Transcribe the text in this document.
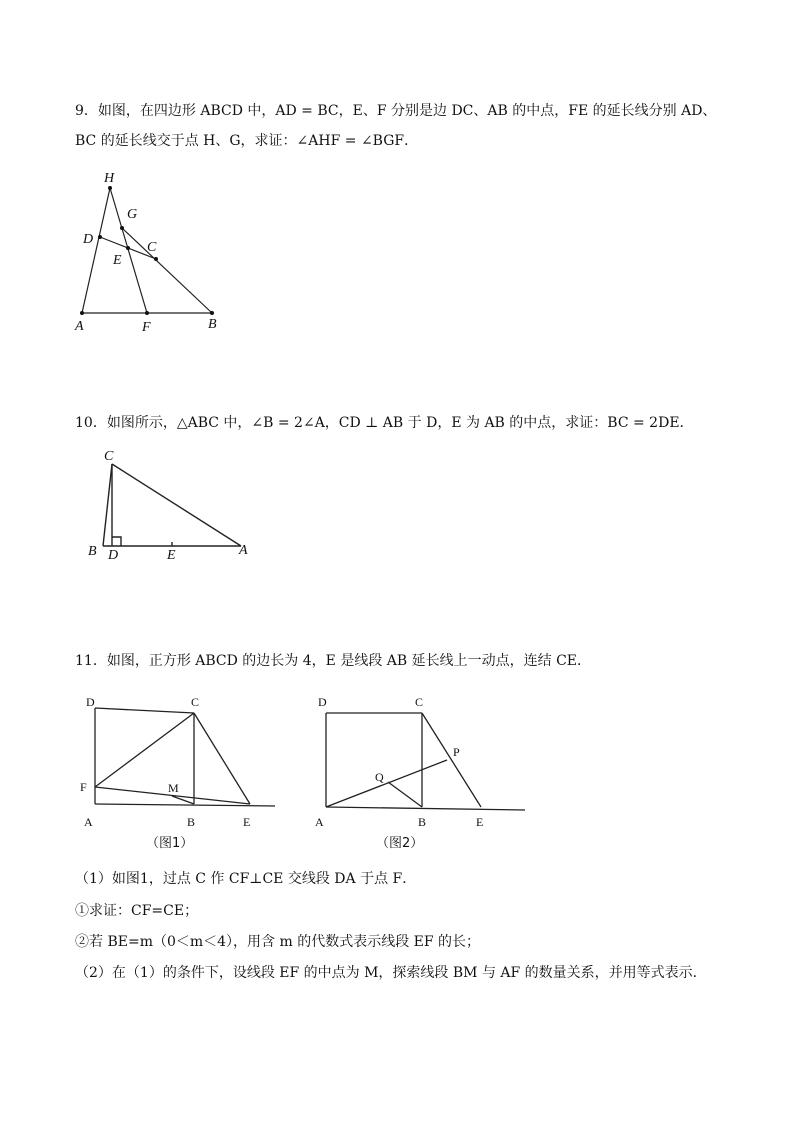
9．如图，在四边形 ABCD 中，AD = BC，E、F 分别是边 DC、AB 的中点，FE 的延长线分别 AD、
BC 的延长线交于点 H、G，求证：∠AHF = ∠BGF．
H
G
D
C
E
A	F	B
10．如图所示，△ABC 中，∠B = 2∠A，CD ⊥ AB 于 D，E 为 AB 的中点，求证：BC = 2DE．
C
B D	E	A
11．如图，正方形 ABCD 的边长为 4，E 是线段 AB 延长线上一动点，连结 CE．
D	C
F	M
A	B	E
（图1）
D	C
P
Q
A	B	E
（图2）
（1）如图1，过点 C 作 CF⊥CE 交线段 DA 于点 F．
①求证：CF=CE；
②若 BE=m（0＜m＜4），用含 m 的代数式表示线段 EF 的长；
（2）在（1）的条件下，设线段 EF 的中点为 M，探索线段 BM 与 AF 的数量关系，并用等式表示．
